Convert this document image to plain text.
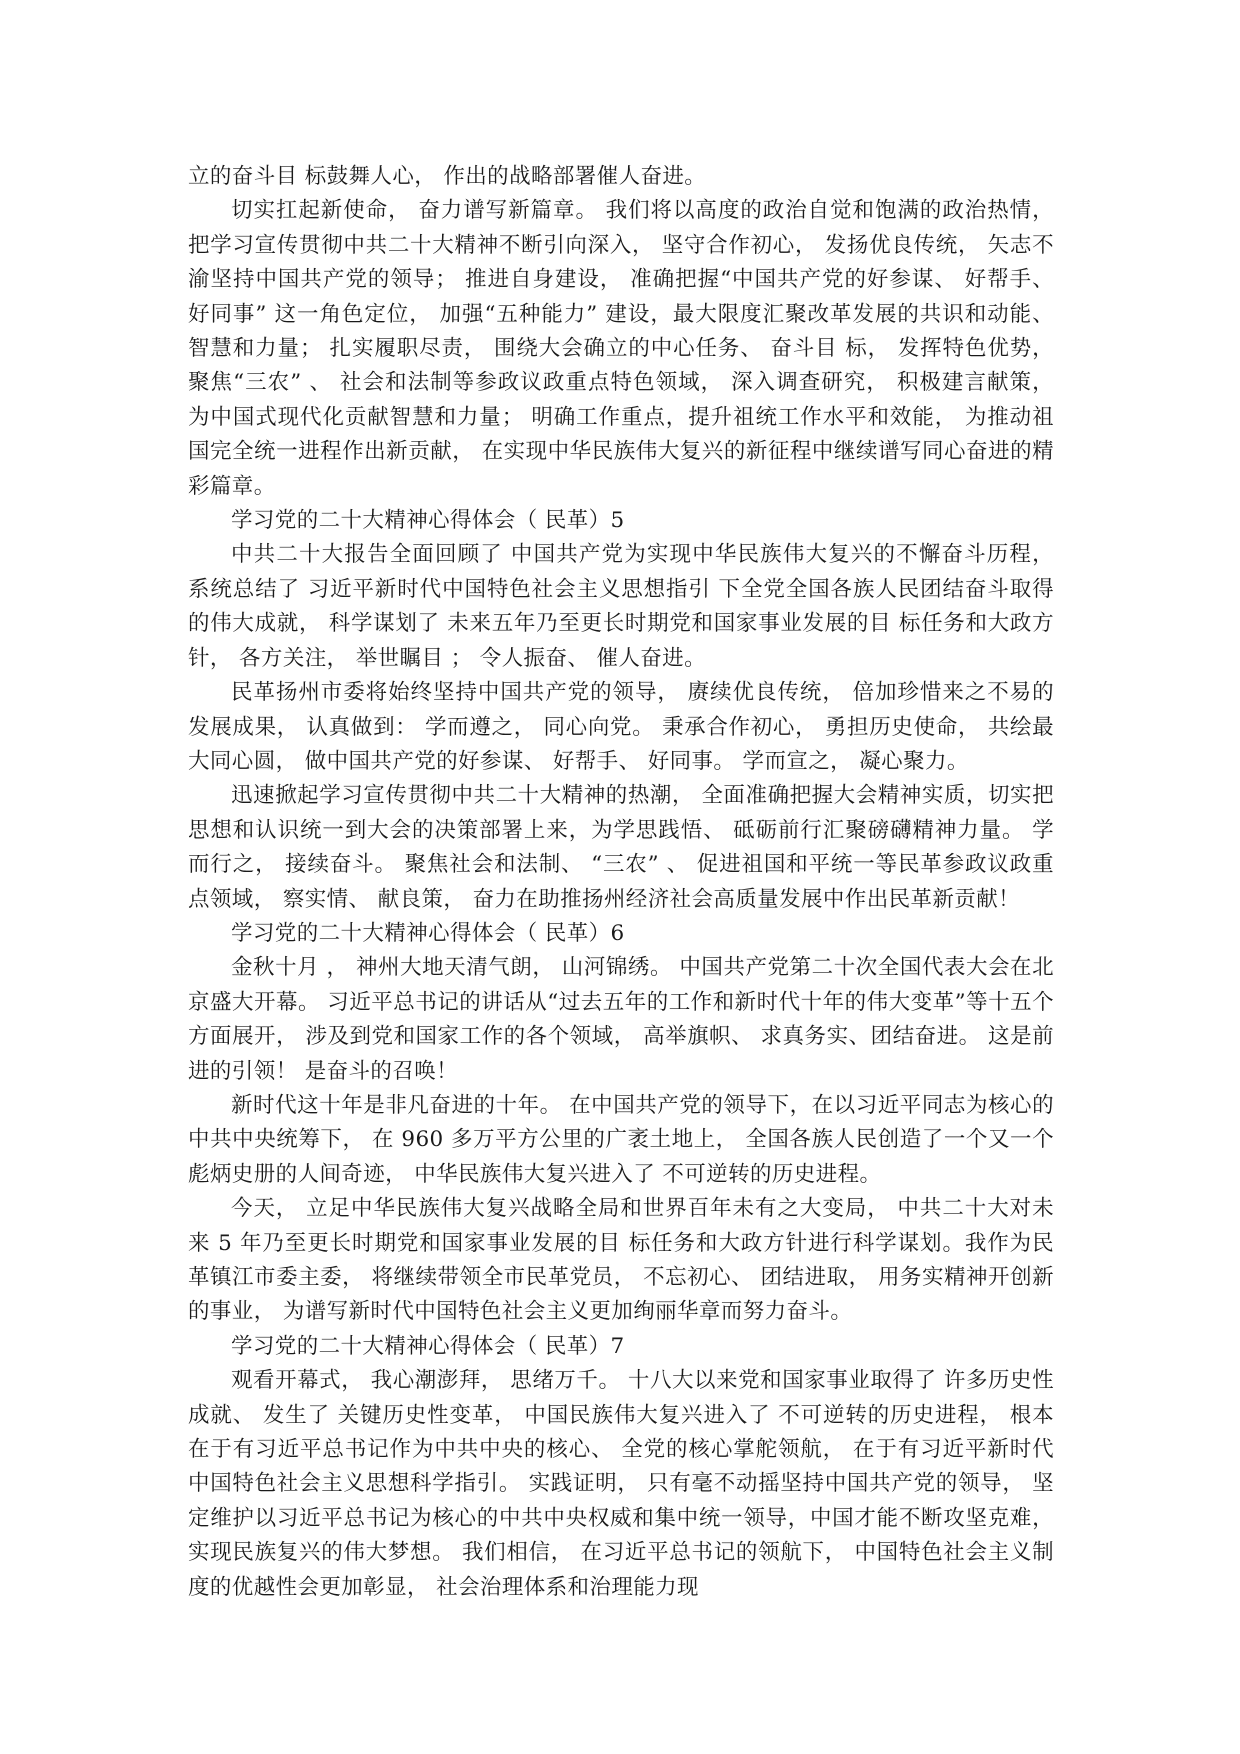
立的奋斗目 标鼓舞人心， 作出的战略部署催人奋进。

切实扛起新使命， 奋力谱写新篇章。 我们将以高度的政治自觉和饱满的政治热情， 把学习宣传贯彻中共二十大精神不断引向深入， 坚守合作初心， 发扬优良传统， 矢志不渝坚持中国共产党的领导； 推进自身建设， 准确把握“中国共产党的好参谋、 好帮手、 好同事” 这一角色定位， 加强“五种能力” 建设，最大限度汇聚改革发展的共识和动能、 智慧和力量； 扎实履职尽责， 围绕大会确立的中心任务、 奋斗目 标， 发挥特色优势，聚焦“三农” 、 社会和法制等参政议政重点特色领域， 深入调查研究， 积极建言献策， 为中国式现代化贡献智慧和力量； 明确工作重点，提升祖统工作水平和效能， 为推动祖国完全统一进程作出新贡献， 在实现中华民族伟大复兴的新征程中继续谱写同心奋进的精彩篇章。

学习党的二十大精神心得体会（ 民革）5

中共二十大报告全面回顾了 中国共产党为实现中华民族伟大复兴的不懈奋斗历程， 系统总结了 习近平新时代中国特色社会主义思想指引 下全党全国各族人民团结奋斗取得的伟大成就， 科学谋划了 未来五年乃至更长时期党和国家事业发展的目 标任务和大政方针， 各方关注， 举世瞩目 ； 令人振奋、 催人奋进。

民革扬州市委将始终坚持中国共产党的领导， 赓续优良传统， 倍加珍惜来之不易的发展成果， 认真做到： 学而遵之， 同心向党。 秉承合作初心， 勇担历史使命， 共绘最大同心圆， 做中国共产党的好参谋、 好帮手、 好同事。 学而宣之， 凝心聚力。

迅速掀起学习宣传贯彻中共二十大精神的热潮， 全面准确把握大会精神实质，切实把思想和认识统一到大会的决策部署上来，为学思践悟、 砥砺前行汇聚磅礴精神力量。 学而行之， 接续奋斗。 聚焦社会和法制、 “三农” 、 促进祖国和平统一等民革参政议政重点领域， 察实情、 献良策， 奋力在助推扬州经济社会高质量发展中作出民革新贡献！

学习党的二十大精神心得体会（ 民革）6

金秋十月 ， 神州大地天清气朗， 山河锦绣。 中国共产党第二十次全国代表大会在北京盛大开幕。 习近平总书记的讲话从“过去五年的工作和新时代十年的伟大变革”等十五个方面展开， 涉及到党和国家工作的各个领域， 高举旗帜、 求真务实、团结奋进。 这是前进的引领！ 是奋斗的召唤！

新时代这十年是非凡奋进的十年。 在中国共产党的领导下，在以习近平同志为核心的中共中央统筹下， 在 960 多万平方公里的广袤土地上， 全国各族人民创造了一个又一个彪炳史册的人间奇迹， 中华民族伟大复兴进入了 不可逆转的历史进程。

今天， 立足中华民族伟大复兴战略全局和世界百年未有之大变局， 中共二十大对未来 5 年乃至更长时期党和国家事业发展的目 标任务和大政方针进行科学谋划。我作为民革镇江市委主委， 将继续带领全市民革党员， 不忘初心、 团结进取， 用务实精神开创新的事业， 为谱写新时代中国特色社会主义更加绚丽华章而努力奋斗。

学习党的二十大精神心得体会（ 民革）7

观看开幕式， 我心潮澎拜， 思绪万千。 十八大以来党和国家事业取得了 许多历史性成就、 发生了 关键历史性变革， 中国民族伟大复兴进入了 不可逆转的历史进程， 根本在于有习近平总书记作为中共中央的核心、 全党的核心掌舵领航， 在于有习近平新时代中国特色社会主义思想科学指引。 实践证明， 只有毫不动摇坚持中国共产党的领导， 坚定维护以习近平总书记为核心的中共中央权威和集中统一领导，中国才能不断攻坚克难，实现民族复兴的伟大梦想。 我们相信， 在习近平总书记的领航下， 中国特色社会主义制度的优越性会更加彰显， 社会治理体系和治理能力现
